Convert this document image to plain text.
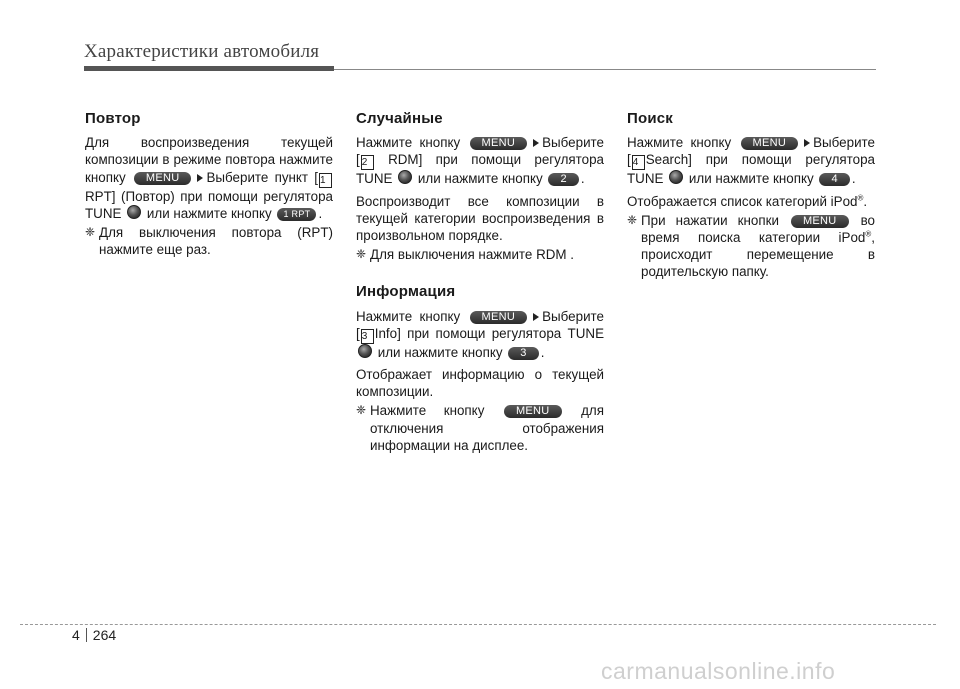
Характеристики автомобиля
Повтор

Для воспроизведения текущей композиции в режиме повтора нажмите кнопку MENU Выберите пункт [ 1 RPT] (Повтор) при помощи регулятора TUNE или нажмите кнопку 1 RPT .

❈ Для выключения повтора (RPT) нажмите еще раз.
Случайные

Нажмите кнопку MENU Выберите [ 2 RDM] при помощи регулятора TUNE или нажмите кнопку 2 .

Воспроизводит все композиции в текущей категории воспроизведения в произвольном порядке.

❈ Для выключения нажмите RDM .
Информация

Нажмите кнопку MENU Выберите [ 3 Info] при помощи регулятора TUNE  или нажмите кнопку 3 .

Отображает информацию о текущей композиции.

❈ Нажмите кнопку	MENU для отключения отображения информации на дисплее.
Поиск

Нажмите кнопку MENU Выберите [ 4 Search] при помощи регулятора TUNE или нажмите кнопку 4 .

Отображается список категорий iPod®.

❈ При нажатии кнопки MENU во время поиска категории iPod®, происходит перемещение в родительскую папку.
4 264
carmanualsonline.info
